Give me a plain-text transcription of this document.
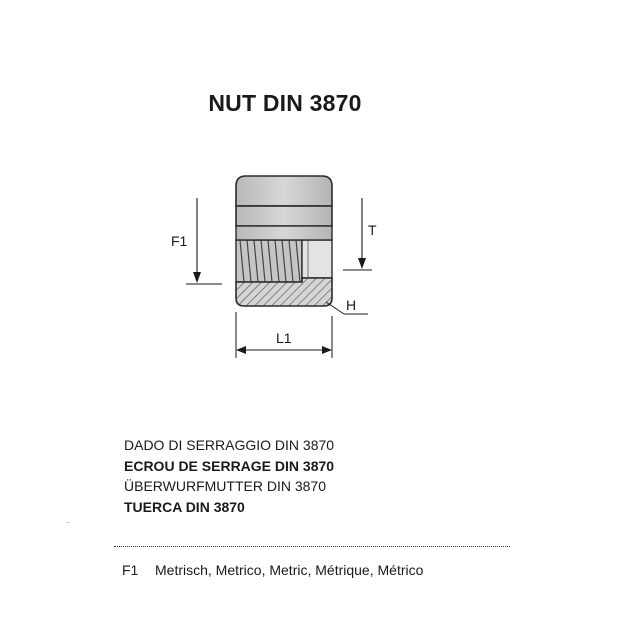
NUT DIN 3870
F1
T
H
L1
DADO DI SERRAGGIO DIN 3870
ECROU DE SERRAGE DIN 3870
ÜBERWURFMUTTER DIN 3870
TUERCA DIN 3870
..
F1 Metrisch, Metrico, Metric, Métrique, Métrico
